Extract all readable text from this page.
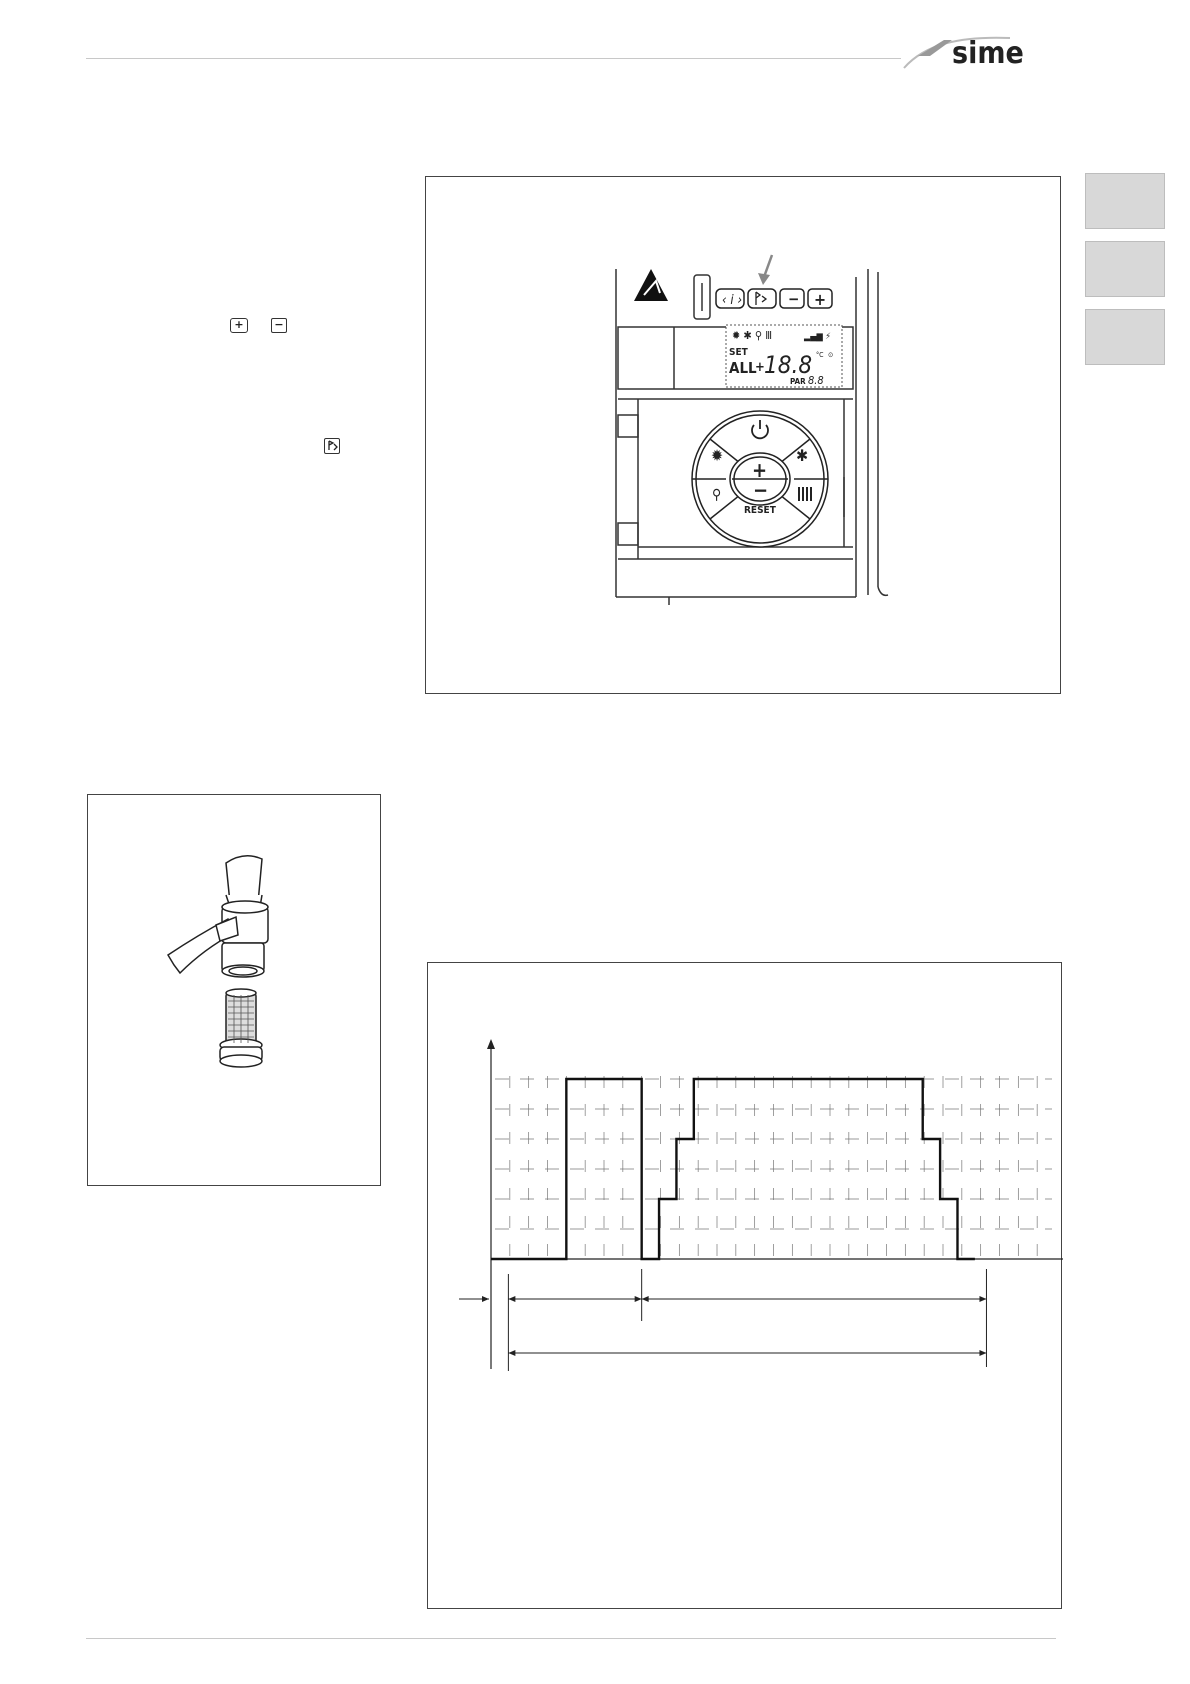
sime
+	−
‹ i ›	− +
✹ ✱ ⚲ Ⅲ	▂▄▆ ⚡
SET
ALL
+ 18.8 °C ⊙
PAR 8.8
+
−
RESET
✹	✱
⚲
